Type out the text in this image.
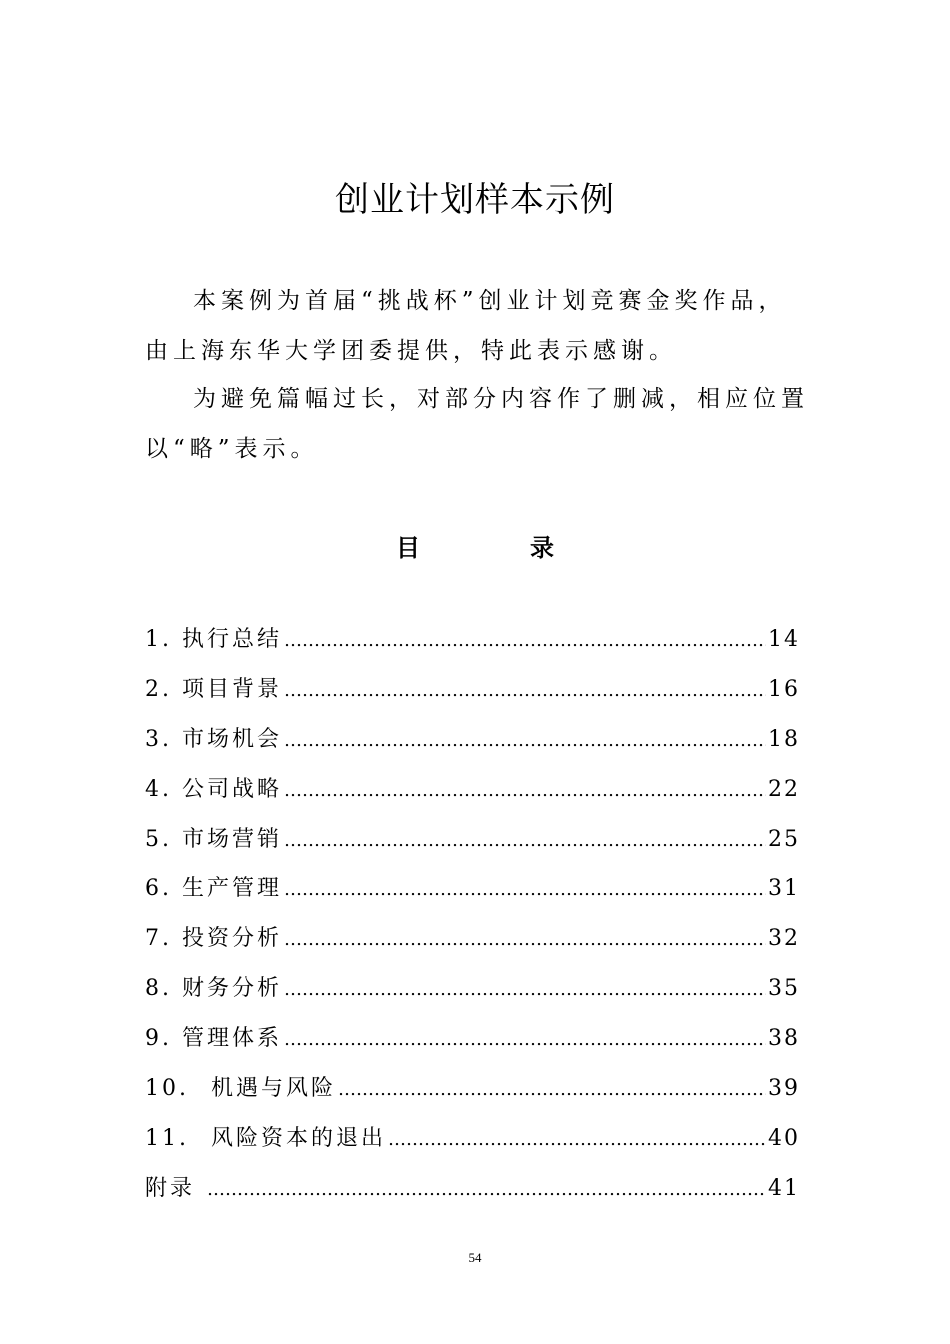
创业计划样本示例

本案例为首届“挑战杯”创业计划竞赛金奖作品，由上海东华大学团委提供，特此表示感谢。

为避免篇幅过长，对部分内容作了删减，相应位置以“略”表示。

目录
1. 执行总结 ……………………………………………………………………………………………………………………………………………………	14
2. 项目背景 ……………………………………………………………………………………………………………………………………………………	16
3. 市场机会 ……………………………………………………………………………………………………………………………………………………	18
4. 公司战略 ……………………………………………………………………………………………………………………………………………………	22
5. 市场营销 ……………………………………………………………………………………………………………………………………………………	25
6. 生产管理 ……………………………………………………………………………………………………………………………………………………	31
7. 投资分析 ……………………………………………………………………………………………………………………………………………………	32
8. 财务分析 ……………………………………………………………………………………………………………………………………………………	35
9. 管理体系 ……………………………………………………………………………………………………………………………………………………	38
10. 机遇与风险 ……………………………………………………………………………………………………………………………………………………	39
11. 风险资本的退出 ……………………………………………………………………………………………………………………………………………………	40
附录 ……………………………………………………………………………………………………………………………………………………	41
54
